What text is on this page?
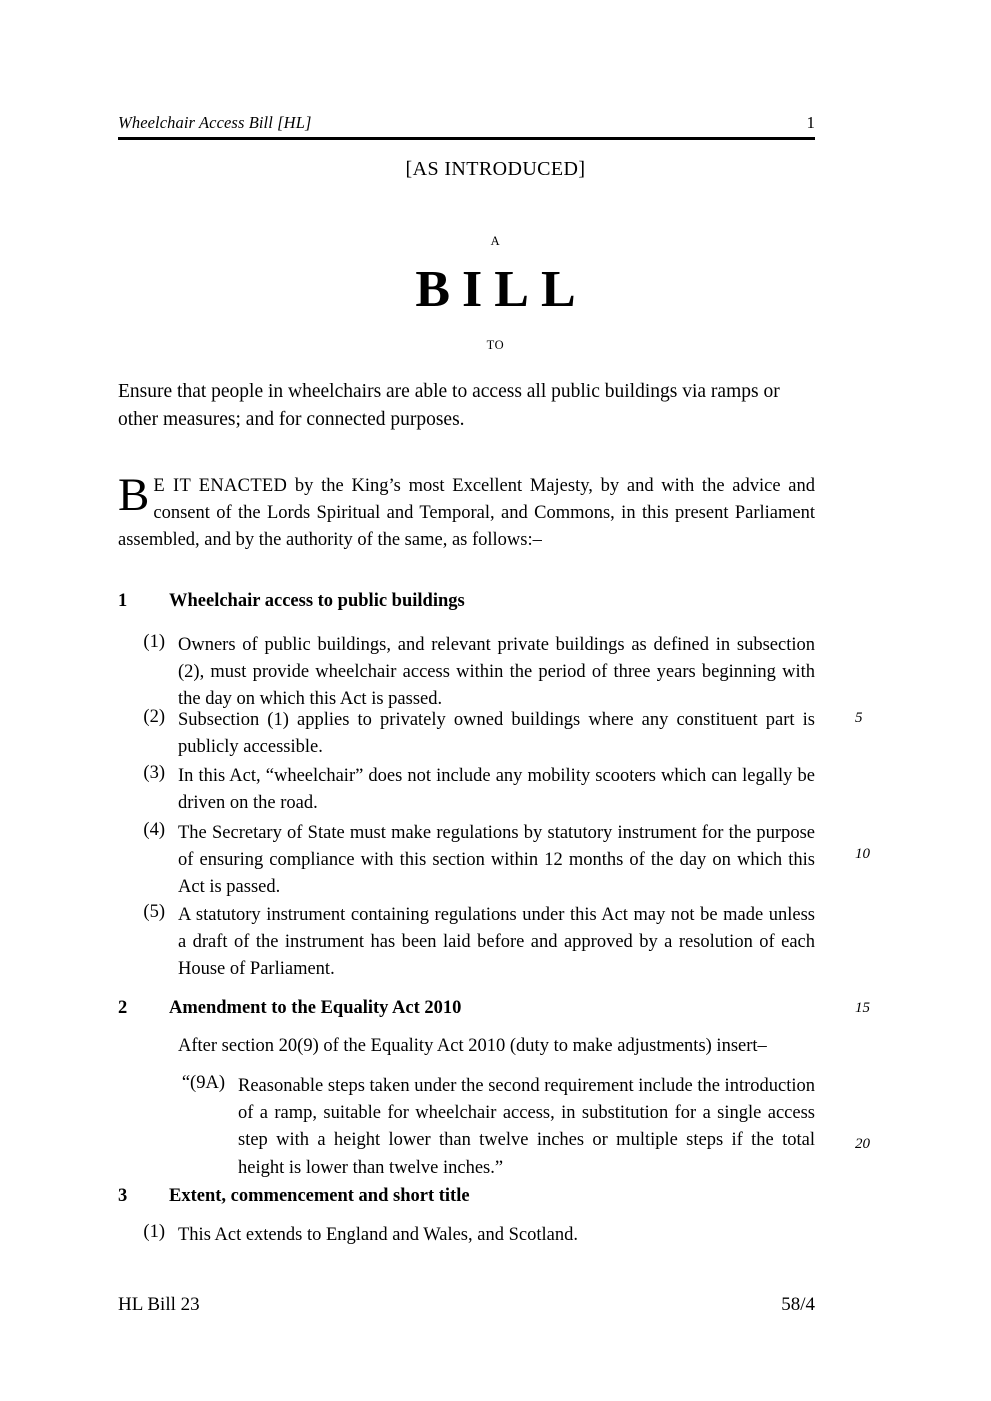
Wheelchair Access Bill [HL]	1
[AS INTRODUCED]
A
BILL
TO
Ensure that people in wheelchairs are able to access all public buildings via ramps or other measures; and for connected purposes.
B E IT ENACTED by the King’s most Excellent Majesty, by and with the advice and consent of the Lords Spiritual and Temporal, and Commons, in this present Parliament assembled, and by the authority of the same, as follows:–
1 Wheelchair access to public buildings
(1) Owners of public buildings, and relevant private buildings as defined in subsection (2), must provide wheelchair access within the period of three years beginning with the day on which this Act is passed.
(2) Subsection (1) applies to privately owned buildings where any constituent part is publicly accessible.
(3) In this Act, “wheelchair” does not include any mobility scooters which can legally be driven on the road.
(4) The Secretary of State must make regulations by statutory instrument for the purpose of ensuring compliance with this section within 12 months of the day on which this Act is passed.
(5) A statutory instrument containing regulations under this Act may not be made unless a draft of the instrument has been laid before and approved by a resolution of each House of Parliament.
2 Amendment to the Equality Act 2010
After section 20(9) of the Equality Act 2010 (duty to make adjustments) insert–
“(9A) Reasonable steps taken under the second requirement include the introduction of a ramp, suitable for wheelchair access, in substitution for a single access step with a height lower than twelve inches or multiple steps if the total height is lower than twelve inches.”
3 Extent, commencement and short title
(1) This Act extends to England and Wales, and Scotland.
5
10
15
20
HL Bill 23	58/4
